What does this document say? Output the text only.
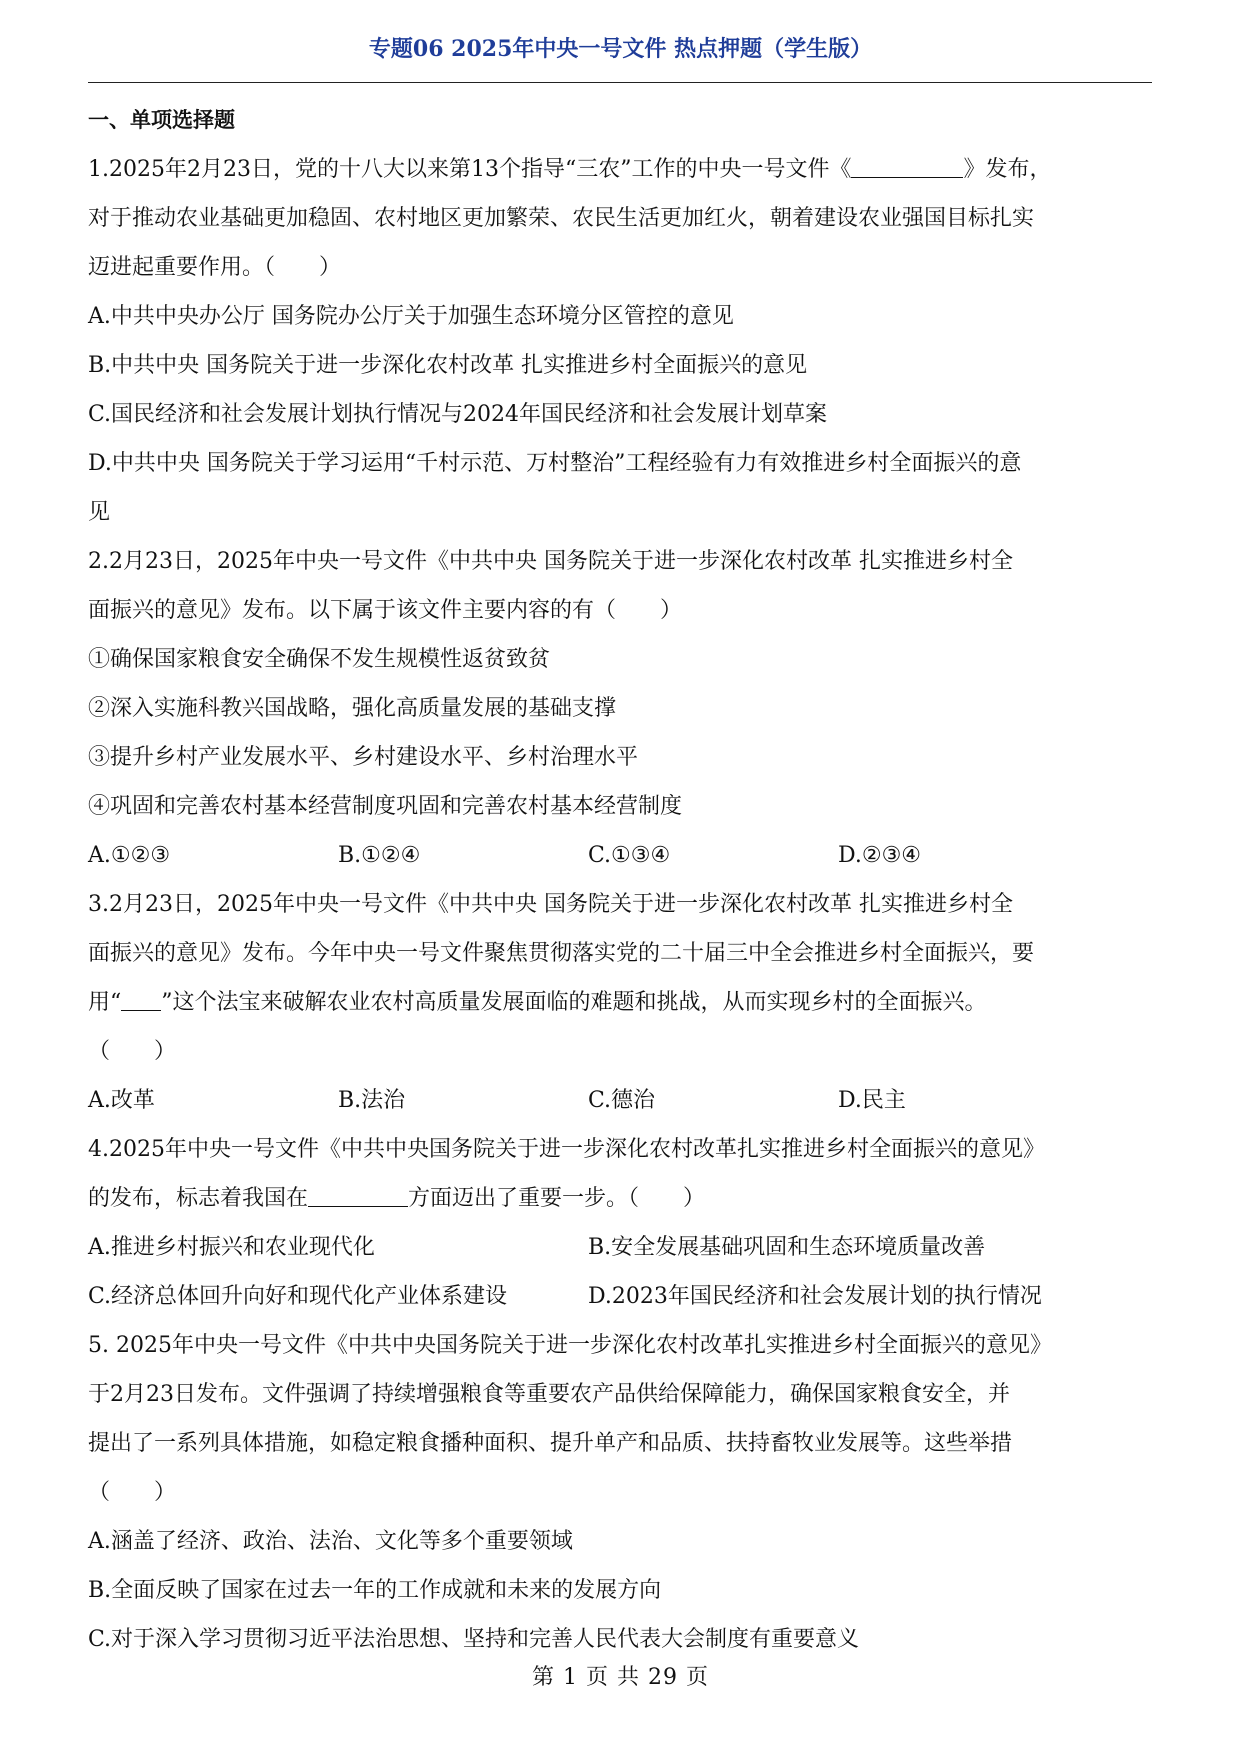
专题06 2025年中央一号文件 热点押题（学生版）
一、单项选择题
1.2025年2月23日，党的十八大以来第13个指导“三农”工作的中央一号文件《	》发布，
对于推动农业基础更加稳固、农村地区更加繁荣、农民生活更加红火，朝着建设农业强国目标扎实
迈进起重要作用。（　　）
A.中共中央办公厅 国务院办公厅关于加强生态环境分区管控的意见
B.中共中央 国务院关于进一步深化农村改革 扎实推进乡村全面振兴的意见
C.国民经济和社会发展计划执行情况与2024年国民经济和社会发展计划草案
D.中共中央 国务院关于学习运用“千村示范、万村整治”工程经验有力有效推进乡村全面振兴的意
见
2.2月23日，2025年中央一号文件《中共中央 国务院关于进一步深化农村改革 扎实推进乡村全
面振兴的意见》发布。以下属于该文件主要内容的有（　　）
①确保国家粮食安全确保不发生规模性返贫致贫
②深入实施科教兴国战略，强化高质量发展的基础支撑
③提升乡村产业发展水平、乡村建设水平、乡村治理水平
④巩固和完善农村基本经营制度巩固和完善农村基本经营制度
A.①②③	B.①②④	C.①③④	D.②③④
3.2月23日，2025年中央一号文件《中共中央 国务院关于进一步深化农村改革 扎实推进乡村全
面振兴的意见》发布。今年中央一号文件聚焦贯彻落实党的二十届三中全会推进乡村全面振兴，要
用“ ”这个法宝来破解农业农村高质量发展面临的难题和挑战，从而实现乡村的全面振兴。
（　　）
A.改革	B.法治	C.德治	D.民主
4.2025年中央一号文件《中共中央国务院关于进一步深化农村改革扎实推进乡村全面振兴的意见》
的发布，标志着我国在	方面迈出了重要一步。（　　）
A.推进乡村振兴和农业现代化	B.安全发展基础巩固和生态环境质量改善
C.经济总体回升向好和现代化产业体系建设	D.2023年国民经济和社会发展计划的执行情况
5. 2025年中央一号文件《中共中央国务院关于进一步深化农村改革扎实推进乡村全面振兴的意见》
于2月23日发布。文件强调了持续增强粮食等重要农产品供给保障能力，确保国家粮食安全，并
提出了一系列具体措施，如稳定粮食播种面积、提升单产和品质、扶持畜牧业发展等。这些举措
（　　）
A.涵盖了经济、政治、法治、文化等多个重要领域
B.全面反映了国家在过去一年的工作成就和未来的发展方向
C.对于深入学习贯彻习近平法治思想、坚持和完善人民代表大会制度有重要意义
第 1 页 共 29 页
